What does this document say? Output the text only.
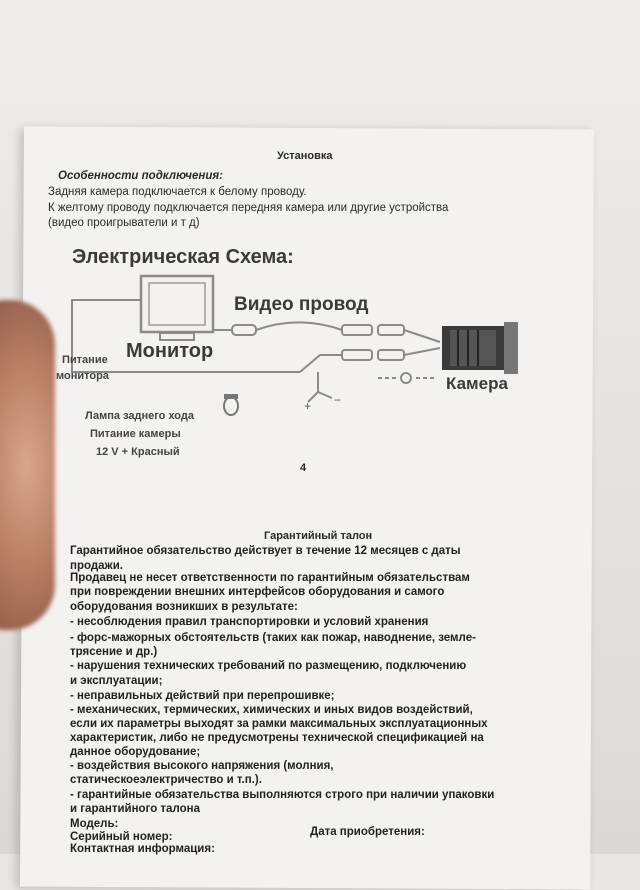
Установка
Особенности подключения:
Задняя камера подключается к белому проводу.
К желтому проводу подключается передняя камера или другие устройства
(видео проигрыватели и т д)
+ −
Электрическая Схема:
Видео провод
Монитор
Камера
Питание
монитора
Лампа заднего хода
Питание камеры
12 V + Красный
4
Гарантийный талон
Гарантийное обязательство действует в течение 12 месяцев с даты
продажи.
Продавец не несет ответственности по гарантийным обязательствам
при повреждении внешних интерфейсов оборудования и самого
оборудования возникших в результате:
- несоблюдения правил транспортировки и условий хранения
- форс-мажорных обстоятельств (таких как пожар, наводнение, земле-
трясение и др.)
- нарушения технических требований по размещению, подключению
и эксплуатации;
- неправильных действий при перепрошивке;
- механических, термических, химических и иных видов воздействий,
если их параметры выходят за рамки максимальных эксплуатационных
характеристик, либо не предусмотрены технической спецификацией на
данное оборудование;
- воздействия высокого напряжения (молния,
статическоеэлектричество и т.п.).
- гарантийные обязательства выполняются строго при наличии упаковки
и гарантийного талона
Модель:
Серийный номер:	Дата приобретения:
Контактная информация:
